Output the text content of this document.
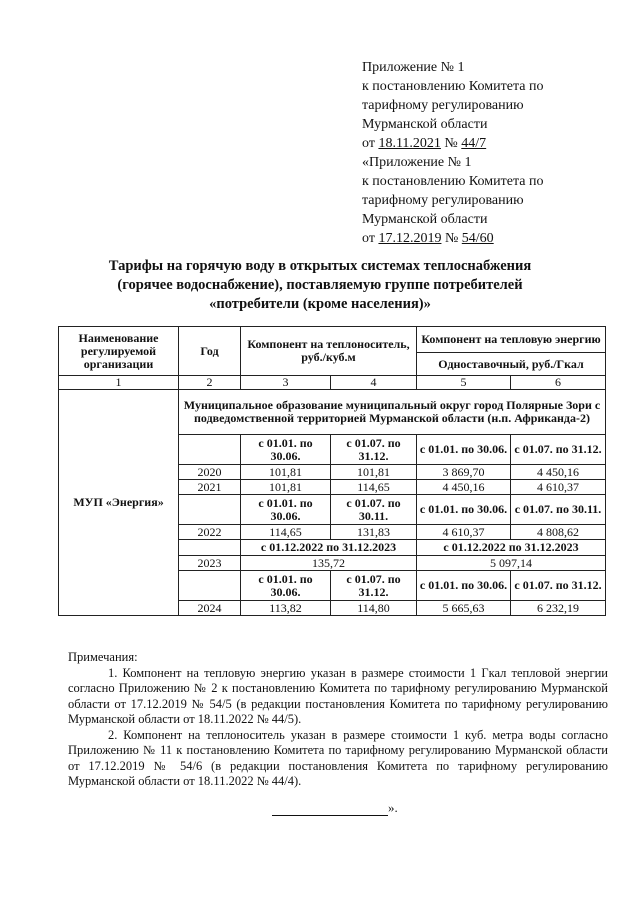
Приложение № 1
к постановлению Комитета по
тарифному регулированию
Мурманской области
от 18.11.2021 № 44/7
«Приложение № 1
к постановлению Комитета по
тарифному регулированию
Мурманской области
от 17.12.2019 № 54/60
Тарифы на горячую воду в открытых системах теплоснабжения
(горячее водоснабжение), поставляемую группе потребителей
«потребители (кроме населения)»
Наименование регулируемой организации	Год	Компонент на теплоноситель, руб./куб.м		Компонент на тепловую энергию	
				Одноставочный, руб./Гкал	
1	2	3	4	5	6
МУП «Энергия»	Муниципальное образование муниципальный округ город Полярные Зори с подведомственной территорией Мурманской области (н.п. Африканда-2)				
		с 01.01. по 30.06.	с 01.07. по 31.12.	с 01.01. по 30.06.	с 01.07. по 31.12.
	2020	101,81	101,81	3 869,70	4 450,16
	2021	101,81	114,65	4 450,16	4 610,37
		с 01.01. по 30.06.	с 01.07. по 30.11.	с 01.01. по 30.06.	с 01.07. по 30.11.
	2022	114,65	131,83	4 610,37	4 808,62
		с 01.12.2022 по 31.12.2023		с 01.12.2022 по 31.12.2023	
	2023	135,72		5 097,14	
		с 01.01. по 30.06.	с 01.07. по 31.12.	с 01.01. по 30.06.	с 01.07. по 31.12.
	2024	113,82	114,80	5 665,63	6 232,19

Примечания:

1. Компонент на тепловую энергию указан в размере стоимости 1 Гкал тепловой энергии согласно Приложению № 2 к постановлению Комитета по тарифному регулированию Мурманской области от 17.12.2019 № 54/5 (в редакции постановления Комитета по тарифному регулированию Мурманской области от 18.11.2022 № 44/5).

2. Компонент на теплоноситель указан в размере стоимости 1 куб. метра воды согласно Приложению № 11 к постановлению Комитета по тарифному регулированию Мурманской области от 17.12.2019 № 54/6 (в редакции постановления Комитета по тарифному регулированию Мурманской области от 18.11.2022 № 44/4).

».
